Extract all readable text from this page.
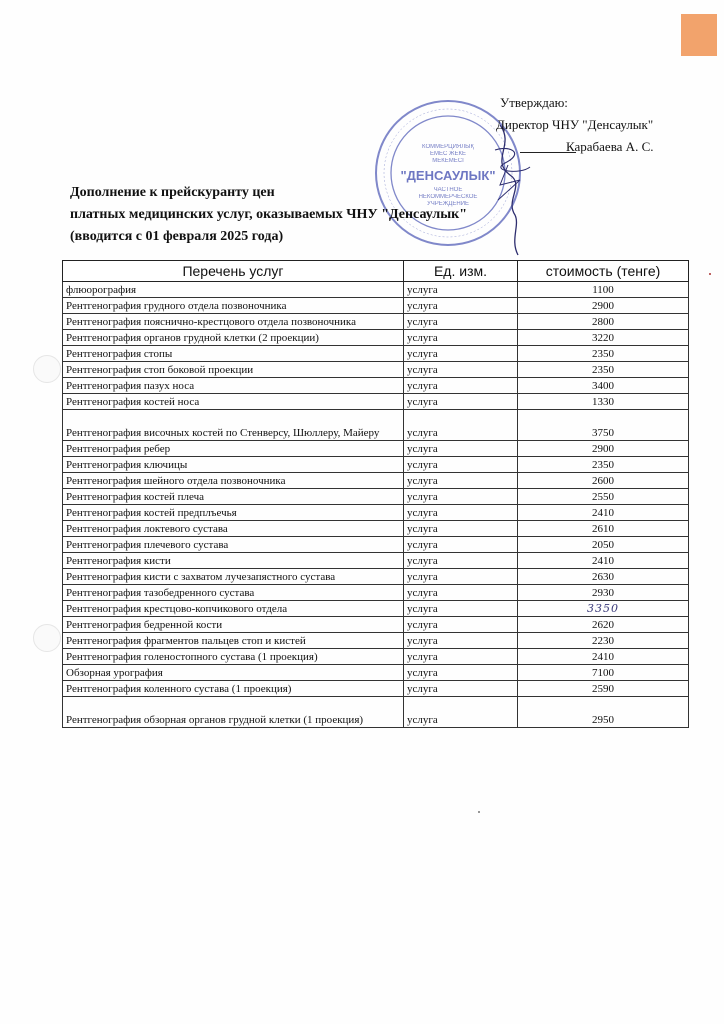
КОММЕРЦИЯЛЫҚ
ЕМЕС ЖЕКЕ
МЕКЕМЕСІ
"ДЕНСАУЛЫК"
ЧАСТНОЕ
НЕКОММЕРЧЕСКОЕ
УЧРЕЖДЕНИЕ
Утверждаю:
Директор ЧНУ "Денсаулык"
Карабаева А. С.
Дополнение к прейскуранту цен
платных медицинских услуг, оказываемых ЧНУ "Денсаулык"
(вводится с 01 февраля 2025 года)
Перечень услуг	Ед. изм.	стоимость (тенге)
флюорография	услуга	1100
Рентгенография грудного отдела позвоночника	услуга	2900
Рентгенография пояснично-крестцового отдела позвоночника	услуга	2800
Рентгенография органов грудной клетки (2 проекции)	услуга	3220
Рентгенография стопы	услуга	2350
Рентгенография стоп боковой проекции	услуга	2350
Рентгенография пазух носа	услуга	3400
Рентгенография костей носа	услуга	1330
Рентгенография височных костей по Стенверсу, Шюллеру, Майеру	услуга	3750
Рентгенография ребер	услуга	2900
Рентгенография ключицы	услуга	2350
Рентгенография шейного отдела позвоночника	услуга	2600
Рентгенография костей плеча	услуга	2550
Рентгенография костей предплъечья	услуга	2410
Рентгенография локтевого сустава	услуга	2610
Рентгенография плечевого сустава	услуга	2050
Рентгенография кисти	услуга	2410
Рентгенография кисти с захватом лучезапястного сустава	услуга	2630
Рентгенография тазобедренного сустава	услуга	2930
Рентгенография крестцово-копчикового отдела	услуга	3350
Рентгенография бедренной кости	услуга	2620
Рентгенография фрагментов пальцев стоп и кистей	услуга	2230
Рентгенография голеностопного сустава (1 проекция)	услуга	2410
Обзорная урография	услуга	7100
Рентгенография коленного сустава (1 проекция)	услуга	2590
Рентгенография обзорная органов грудной клетки (1 проекция)	услуга	2950
